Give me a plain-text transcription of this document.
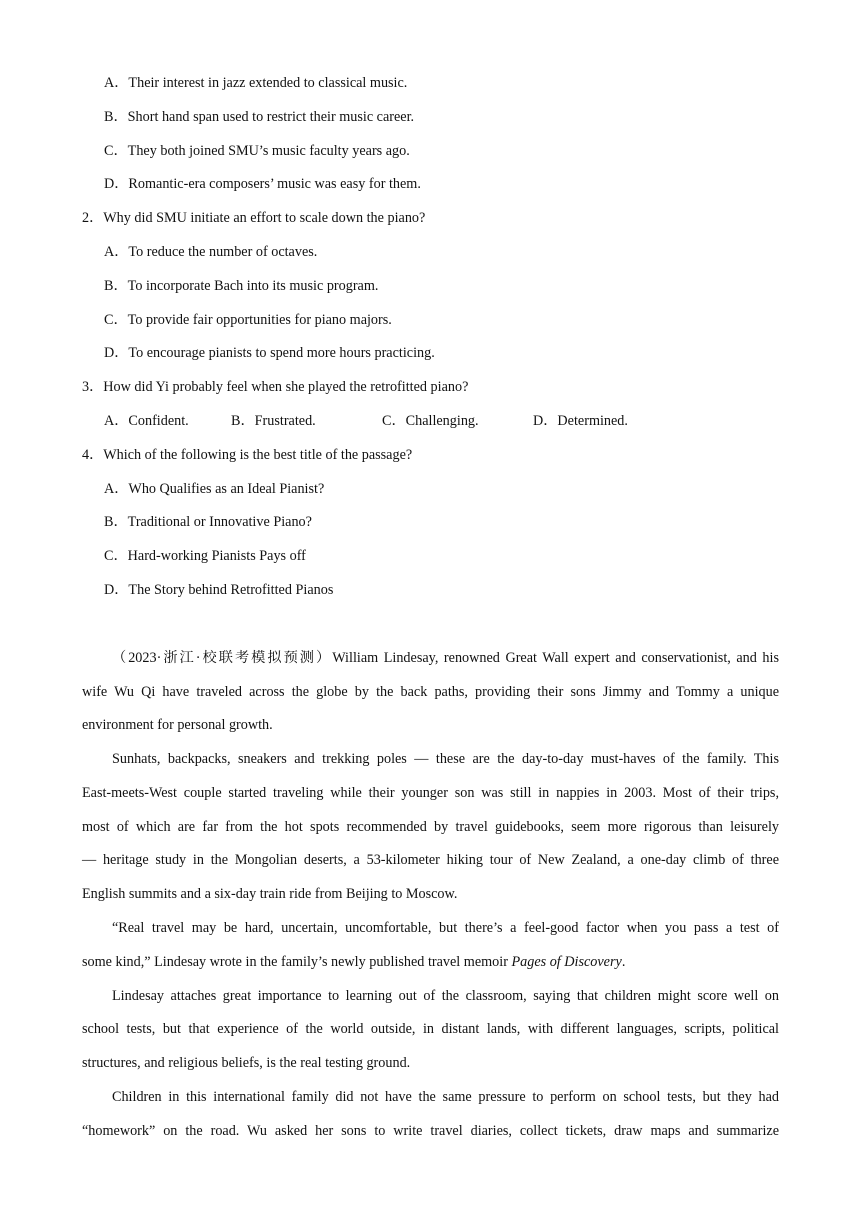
A．Their interest in jazz extended to classical music.
B．Short hand span used to restrict their music career.
C．They both joined SMU’s music faculty years ago.
D．Romantic-era composers’ music was easy for them.
2．Why did SMU initiate an effort to scale down the piano?
A．To reduce the number of octaves.
B．To incorporate Bach into its music program.
C．To provide fair opportunities for piano majors.
D．To encourage pianists to spend more hours practicing.
3．How did Yi probably feel when she played the retrofitted piano?
A．Confident.	B．Frustrated.	C．Challenging.	D．Determined.
4．Which of the following is the best title of the passage?
A．Who Qualifies as an Ideal Pianist?
B．Traditional or Innovative Piano?
C．Hard-working Pianists Pays off
D．The Story behind Retrofitted Pianos
（2023·浙江·校联考模拟预测）William Lindesay, renowned Great Wall expert and conservationist, and his
wife Wu Qi have traveled across the globe by the back paths, providing their sons Jimmy and Tommy a unique
environment for personal growth.
Sunhats, backpacks, sneakers and trekking poles — these are the day-to-day must-haves of the family. This
East-meets-West couple started traveling while their younger son was still in nappies in 2003. Most of their trips,
most of which are far from the hot spots recommended by travel guidebooks, seem more rigorous than leisurely
— heritage study in the Mongolian deserts, a 53-kilometer hiking tour of New Zealand, a one-day climb of three
English summits and a six-day train ride from Beijing to Moscow.
“Real travel may be hard, uncertain, uncomfortable, but there’s a feel-good factor when you pass a test of
some kind,” Lindesay wrote in the family’s newly published travel memoir Pages of Discovery.
Lindesay attaches great importance to learning out of the classroom, saying that children might score well on
school tests, but that experience of the world outside, in distant lands, with different languages, scripts, political
structures, and religious beliefs, is the real testing ground.
Children in this international family did not have the same pressure to perform on school tests, but they had
“homework” on the road. Wu asked her sons to write travel diaries, collect tickets, draw maps and summarize
